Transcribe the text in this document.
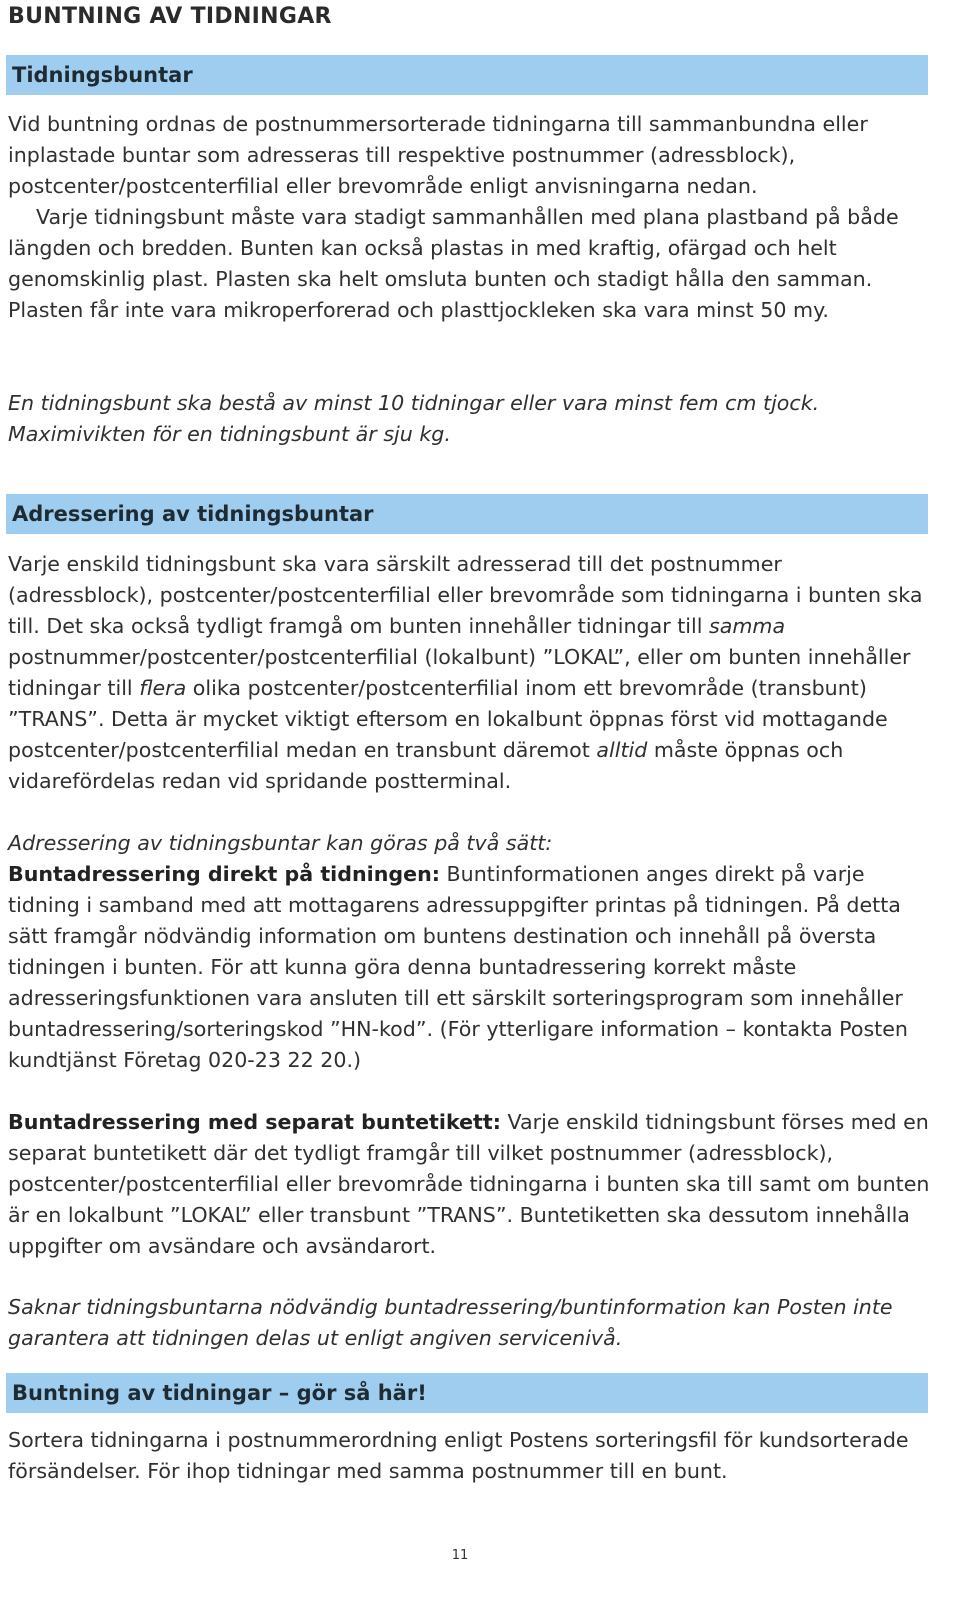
BUNTNING AV TIDNINGAR
Tidningsbuntar

Vid buntning ordnas de postnummersorterade tidningarna till sammanbundna eller inplastade buntar som adresseras till respektive postnummer (adressblock), postcenter/postcenterfilial eller brevområde enligt anvisningarna nedan.

Varje tidningsbunt måste vara stadigt sammanhållen med plana plastband på både längden och bredden. Bunten kan också plastas in med kraftig, ofärgad och helt genomskinlig plast. Plasten ska helt omsluta bunten och stadigt hålla den samman. Plasten får inte vara mikroperforerad och plasttjockleken ska vara minst 50 my.

En tidningsbunt ska bestå av minst 10 tidningar eller vara minst fem cm tjock. Maximivikten för en tidningsbunt är sju kg.

Adressering av tidningsbuntar

Varje enskild tidningsbunt ska vara särskilt adresserad till det postnummer (adressblock), postcenter/postcenterfilial eller brevområde som tidningarna i bunten ska till. Det ska också tydligt framgå om bunten innehåller tidningar till samma postnummer/postcenter/postcenterfilial (lokalbunt) ”LOKAL”, eller om bunten innehåller tidningar till flera olika postcenter/postcenterfilial inom ett brevområde (transbunt) ”TRANS”. Detta är mycket viktigt eftersom en lokalbunt öppnas först vid mottagande postcenter/postcenterfilial medan en transbunt däremot alltid måste öppnas och vidarefördelas redan vid spridande postterminal.

Adressering av tidningsbuntar kan göras på två sätt:
Buntadressering direkt på tidningen: Buntinformationen anges direkt på varje tidning i samband med att mottagarens adressuppgifter printas på tidningen. På detta sätt framgår nödvändig information om buntens destination och innehåll på översta tidningen i bunten. För att kunna göra denna buntadressering korrekt måste adresseringsfunktionen vara ansluten till ett särskilt sorteringsprogram som innehåller buntadressering/sorteringskod ”HN-kod”. (För ytterligare information – kontakta Posten kundtjänst Företag 020-23 22 20.)

Buntadressering med separat buntetikett: Varje enskild tidningsbunt förses med en separat buntetikett där det tydligt framgår till vilket postnummer (adressblock), postcenter/postcenterfilial eller brevområde tidningarna i bunten ska till samt om bunten är en lokalbunt ”LOKAL” eller transbunt ”TRANS”. Buntetiketten ska dessutom innehålla uppgifter om avsändare och avsändarort.

Saknar tidningsbuntarna nödvändig buntadressering/buntinformation kan Posten inte garantera att tidningen delas ut enligt angiven servicenivå.

Buntning av tidningar – gör så här!

Sortera tidningarna i postnummerordning enligt Postens sorteringsfil för kundsorterade försändelser. För ihop tidningar med samma postnummer till en bunt.

11
